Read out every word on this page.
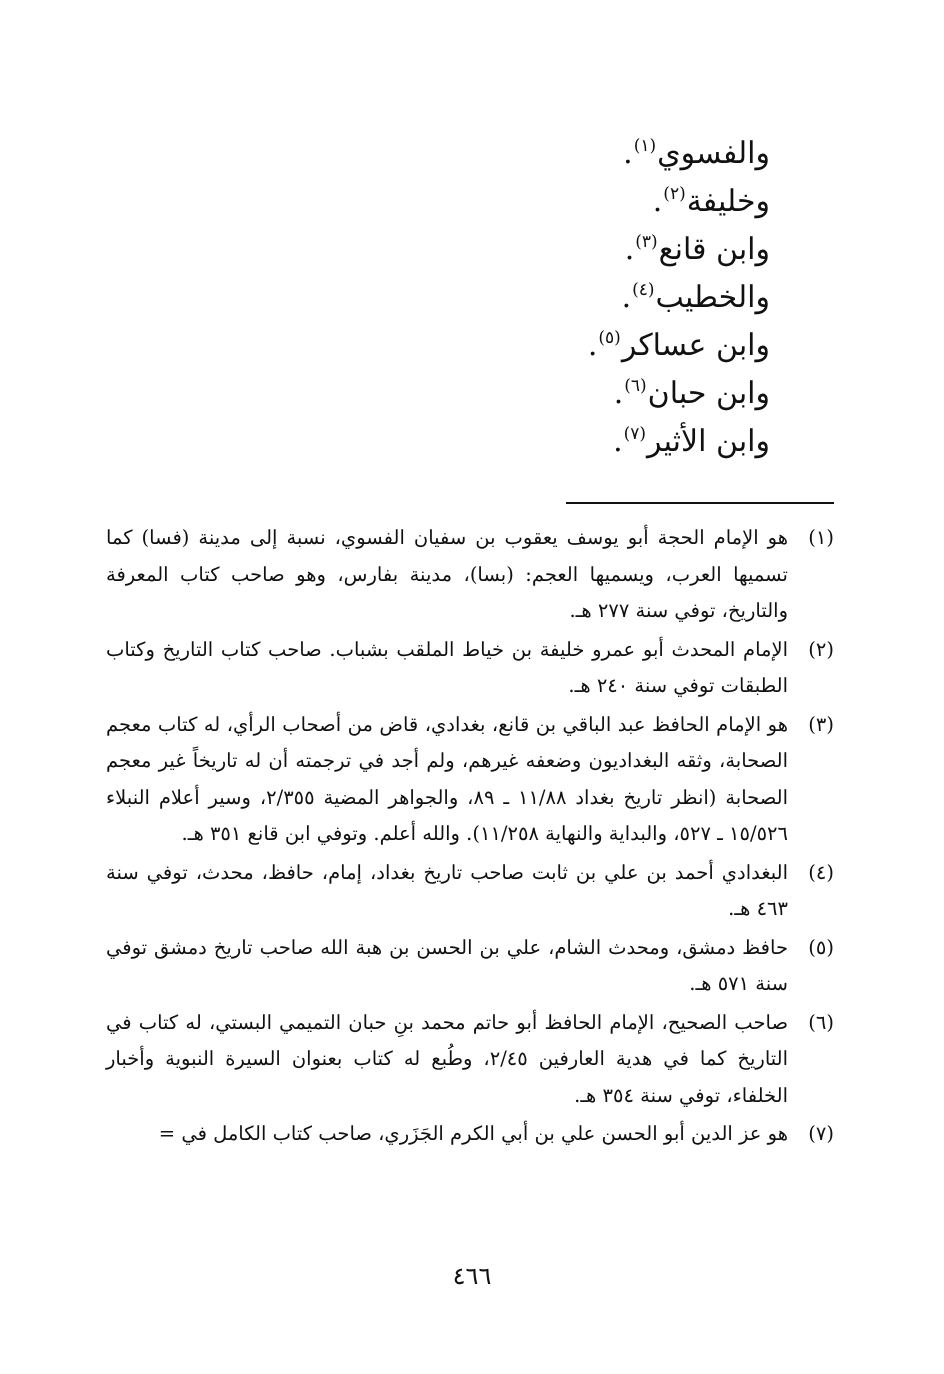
والفسوي$^{(١)}$.
وخليفة$^{(٢)}$.
وابن قانع$^{(٣)}$.
والخطيب$^{(٤)}$.
وابن عساكر$^{(٥)}$.
وابن حبان$^{(٦)}$.
وابن الأثير$^{(٧)}$.
(١)
هو الإمام الحجة أبو يوسف يعقوب بن سفيان الفسوي، نسبة إلى مدينة (فسا) كما تسميها العرب، ويسميها العجم: (بسا)، مدينة بفارس، وهو صاحب كتاب المعرفة والتاريخ، توفي سنة ٢٧٧ هـ.
(٢)
الإمام المحدث أبو عمرو خليفة بن خياط الملقب بشباب. صاحب كتاب التاريخ وكتاب الطبقات توفي سنة ٢٤٠ هـ.
(٣)
هو الإمام الحافظ عبد الباقي بن قانع، بغدادي، قاض من أصحاب الرأي، له كتاب معجم الصحابة، وثقه البغداديون وضعفه غيرهم، ولم أجد في ترجمته أن له تاريخاً غير معجم الصحابة (انظر تاريخ بغداد ١١/٨٨ ـ ٨٩، والجواهر المضية ٢/٣٥٥، وسير أعلام النبلاء ١٥/٥٢٦ ـ ٥٢٧، والبداية والنهاية ١١/٢٥٨). والله أعلم. وتوفي ابن قانع ٣٥١ هـ.
(٤)
البغدادي أحمد بن علي بن ثابت صاحب تاريخ بغداد، إمام، حافظ، محدث، توفي سنة ٤٦٣ هـ.
(٥)
حافظ دمشق، ومحدث الشام، علي بن الحسن بن هبة الله صاحب تاريخ دمشق توفي سنة ٥٧١ هـ.
(٦)
صاحب الصحيح، الإمام الحافظ أبو حاتم محمد بنِ حبان التميمي البستي، له كتاب في التاريخ كما في هدية العارفين ٢/٤٥، وطُبع له كتاب بعنوان السيرة النبوية وأخبار الخلفاء، توفي سنة ٣٥٤ هـ.
(٧)
هو عز الدين أبو الحسن علي بن أبي الكرم الجَزَري، صاحب كتاب الكامل في =
٤٦٦
